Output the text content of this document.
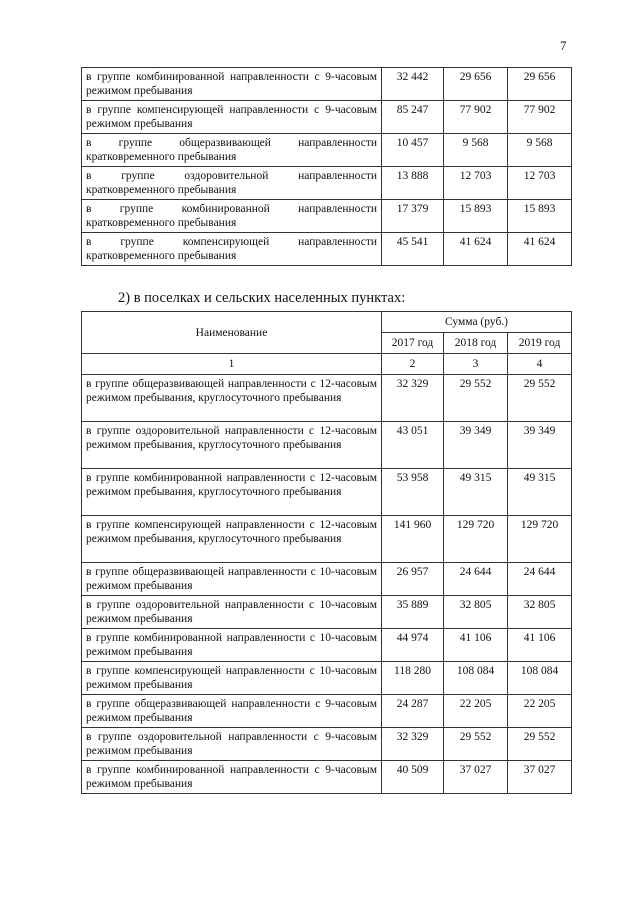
7
в группе комбинированной направленности с 9-часовым режимом пребывания	32 442	29 656	29 656
в группе компенсирующей направленности с 9-часовым режимом пребывания	85 247	77 902	77 902
в группе общеразвивающей направленности кратковременного пребывания	10 457	9 568	9 568
в группе оздоровительной направленности кратковременного пребывания	13 888	12 703	12 703
в группе комбинированной направленности кратковременного пребывания	17 379	15 893	15 893
в группе компенсирующей направленности кратковременного пребывания	45 541	41 624	41 624
2) в поселках и сельских населенных пунктах:
Наименование	Сумма (руб.)		
	2017 год	2018 год	2019 год
1	2	3	4
в группе общеразвивающей направленности с 12-часовым режимом пребывания, круглосуточного пребывания	32 329	29 552	29 552
в группе оздоровительной направленности с 12-часовым режимом пребывания, круглосуточного пребывания	43 051	39 349	39 349
в группе комбинированной направленности с 12-часовым режимом пребывания, круглосуточного пребывания	53 958	49 315	49 315
в группе компенсирующей направленности с 12-часовым режимом пребывания, круглосуточного пребывания	141 960	129 720	129 720
в группе общеразвивающей направленности с 10-часовым режимом пребывания	26 957	24 644	24 644
в группе оздоровительной направленности с 10-часовым режимом пребывания	35 889	32 805	32 805
в группе комбинированной направленности с 10-часовым режимом пребывания	44 974	41 106	41 106
в группе компенсирующей направленности с 10-часовым режимом пребывания	118 280	108 084	108 084
в группе общеразвивающей направленности с 9-часовым режимом пребывания	24 287	22 205	22 205
в группе оздоровительной направленности с 9-часовым режимом пребывания	32 329	29 552	29 552
в группе комбинированной направленности с 9-часовым режимом пребывания	40 509	37 027	37 027
